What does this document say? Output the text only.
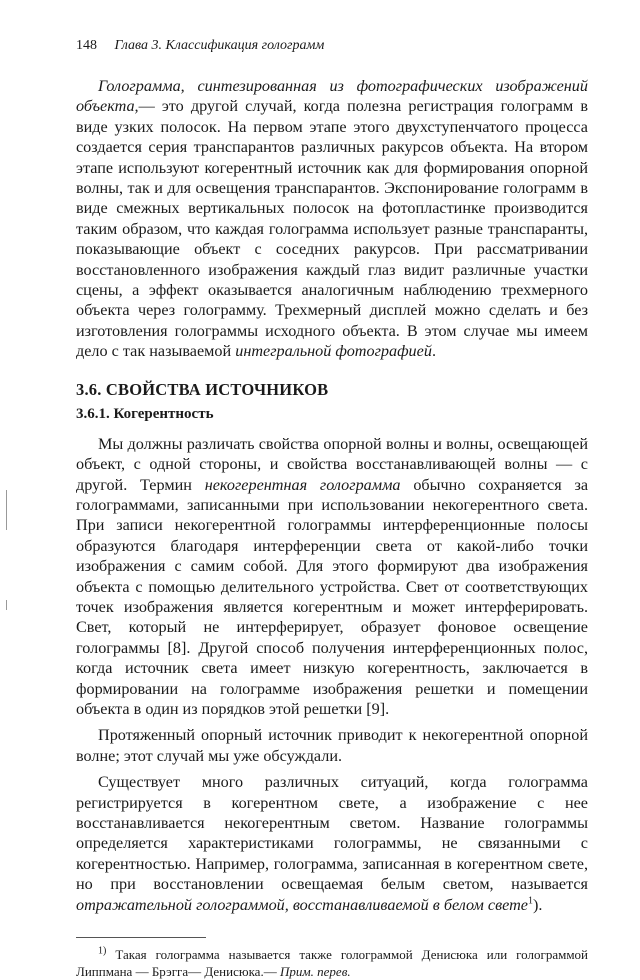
148 Глава 3. Классификация голограмм

Голограмма, синтезированная из фотографических изображений объекта,— это другой случай, когда полезна регистрация голограмм в виде узких полосок. На первом этапе этого двухступенчатого процесса создается серия транспарантов различных ракурсов объекта. На втором этапе используют когерентный источник как для формирования опорной волны, так и для освещения транспарантов. Экспонирование голограмм в виде смежных вертикальных полосок на фотопластинке производится таким образом, что каждая голограмма использует разные транспаранты, показывающие объект с соседних ракурсов. При рассматривании восстановленного изображения каждый глаз видит различные участки сцены, а эффект оказывается аналогичным наблюдению трехмерного объекта через голограмму. Трехмерный дисплей можно сделать и без изготовления голограммы исходного объекта. В этом случае мы имеем дело с так называемой интегральной фотографией.

3.6. СВОЙСТВА ИСТОЧНИКОВ
3.6.1. Когерентность

Мы должны различать свойства опорной волны и волны, освещающей объект, с одной стороны, и свойства восстанавливающей волны — с другой. Термин некогерентная голограмма обычно сохраняется за голограммами, записанными при использовании некогерентного света. При записи некогерентной голограммы интерференционные полосы образуются благодаря интерференции света от какой-либо точки изображения с самим собой. Для этого формируют два изображения объекта с помощью делительного устройства. Свет от соответствующих точек изображения является когерентным и может интерферировать. Свет, который не интерферирует, образует фоновое освещение голограммы [8]. Другой способ получения интерференционных полос, когда источник света имеет низкую когерентность, заключается в формировании на голограмме изображения решетки и помещении объекта в один из порядков этой решетки [9].

Протяженный опорный источник приводит к некогерентной опорной волне; этот случай мы уже обсуждали.

Существует много различных ситуаций, когда голограмма регистрируется в когерентном свете, а изображение с нее восстанавливается некогерентным светом. Название голограммы определяется характеристиками голограммы, не связанными с когерентностью. Например, голограмма, записанная в когерентном свете, но при восстановлении освещаемая белым светом, называется отражательной голограммой, восстанавливаемой в белом свете$^1$).

$^{1)}$ Такая голограмма называется также голограммой Денисюка или голограммой Липпмана — Брэгга— Денисюка.— Прим. перев.
